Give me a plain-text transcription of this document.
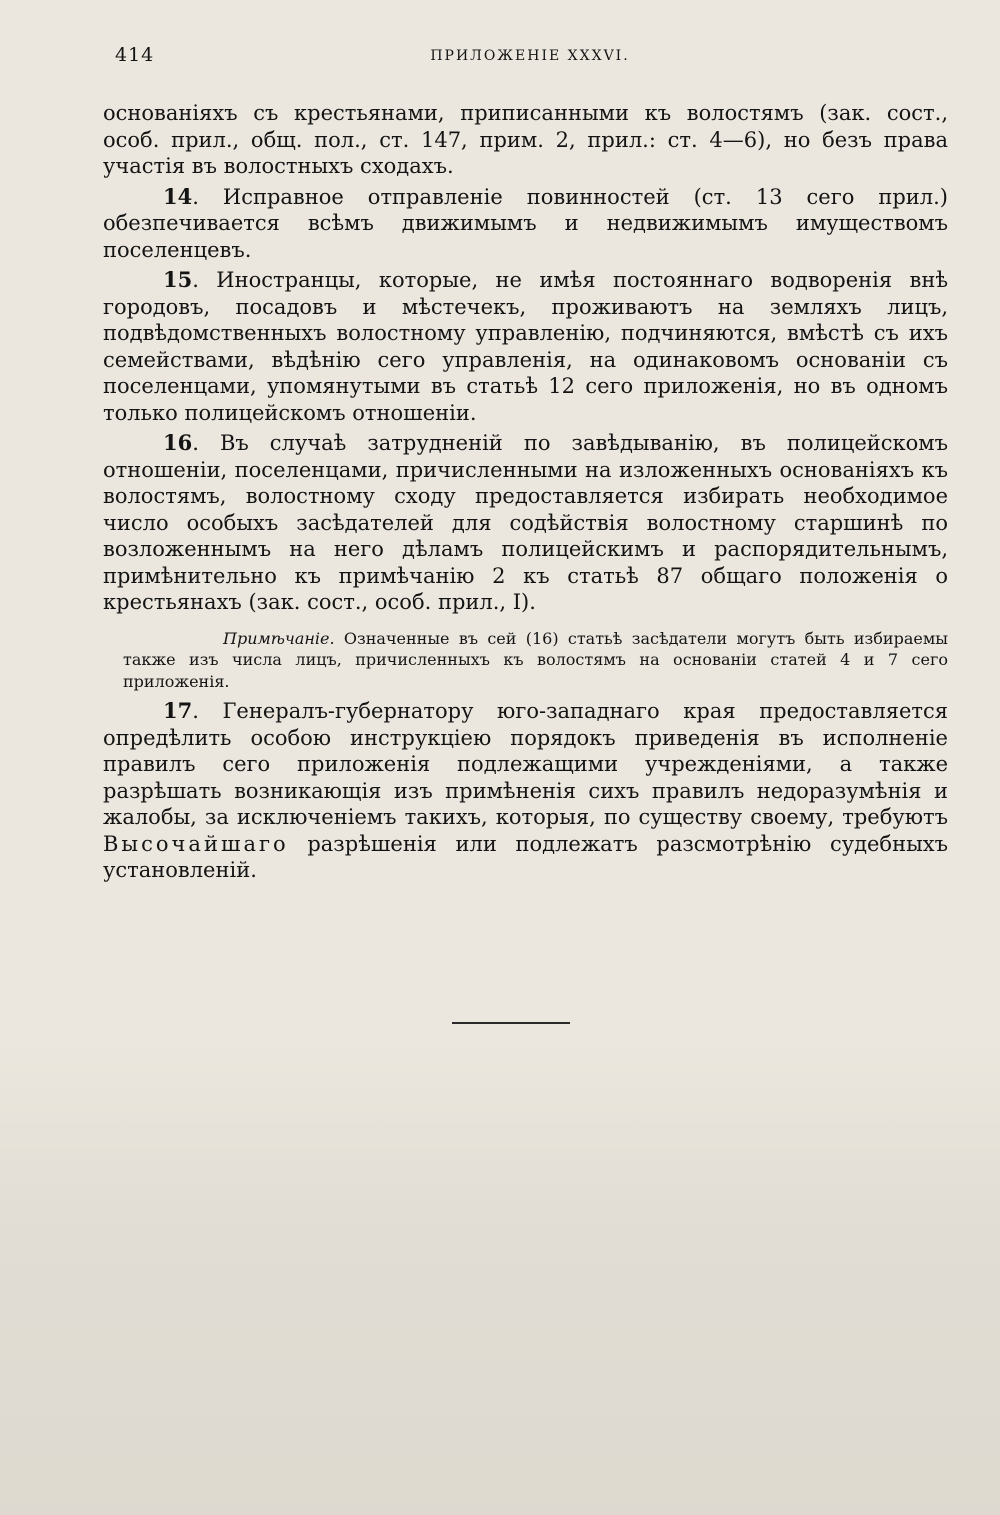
414	ПРИЛОЖЕНІЕ XXXVI.

основаніяхъ съ крестьянами, приписанными къ волостямъ (зак. сост., особ. прил., общ. пол., ст. 147, прим. 2, прил.: ст. 4—6), но безъ права участія въ волостныхъ сходахъ.

14. Исправное отправленіе повинностей (ст. 13 сего прил.) обезпечивается всѣмъ движимымъ и недвижимымъ имуществомъ поселенцевъ.

15. Иностранцы, которые, не имѣя постояннаго водворенія внѣ городовъ, посадовъ и мѣстечекъ, проживаютъ на земляхъ лицъ, подвѣдомственныхъ волостному управленію, подчиняются, вмѣстѣ съ ихъ семействами, вѣдѣнію сего управленія, на одинаковомъ основаніи съ поселенцами, упомянутыми въ статьѣ 12 сего приложенія, но въ одномъ только полицейскомъ отношеніи.

16. Въ случаѣ затрудненій по завѣдыванію, въ полицейскомъ отношеніи, поселенцами, причисленными на изложенныхъ основаніяхъ къ волостямъ, волостному сходу предоставляется избирать необходимое число особыхъ засѣдателей для содѣйствія волостному старшинѣ по возложеннымъ на него дѣламъ полицейскимъ и распорядительнымъ, примѣнительно къ примѣчанію 2 къ статьѣ 87 общаго положенія о крестьянахъ (зак. сост., особ. прил., I).

Примѣчаніе. Означенные въ сей (16) статьѣ засѣдатели могутъ быть избираемы также изъ числа лицъ, причисленныхъ къ волостямъ на основаніи статей 4 и 7 сего приложенія.

17. Генералъ-губернатору юго-западнаго края предоставляется опредѣлить особою инструкціею порядокъ приведенія въ исполненіе правилъ сего приложенія подлежащими учрежденіями, а также разрѣшать возникающія изъ примѣненія сихъ правилъ недоразумѣнія и жалобы, за исключеніемъ такихъ, которыя, по существу своему, требуютъ Высочайшаго разрѣшенія или подлежатъ разсмотрѣнію судебныхъ установленій.
